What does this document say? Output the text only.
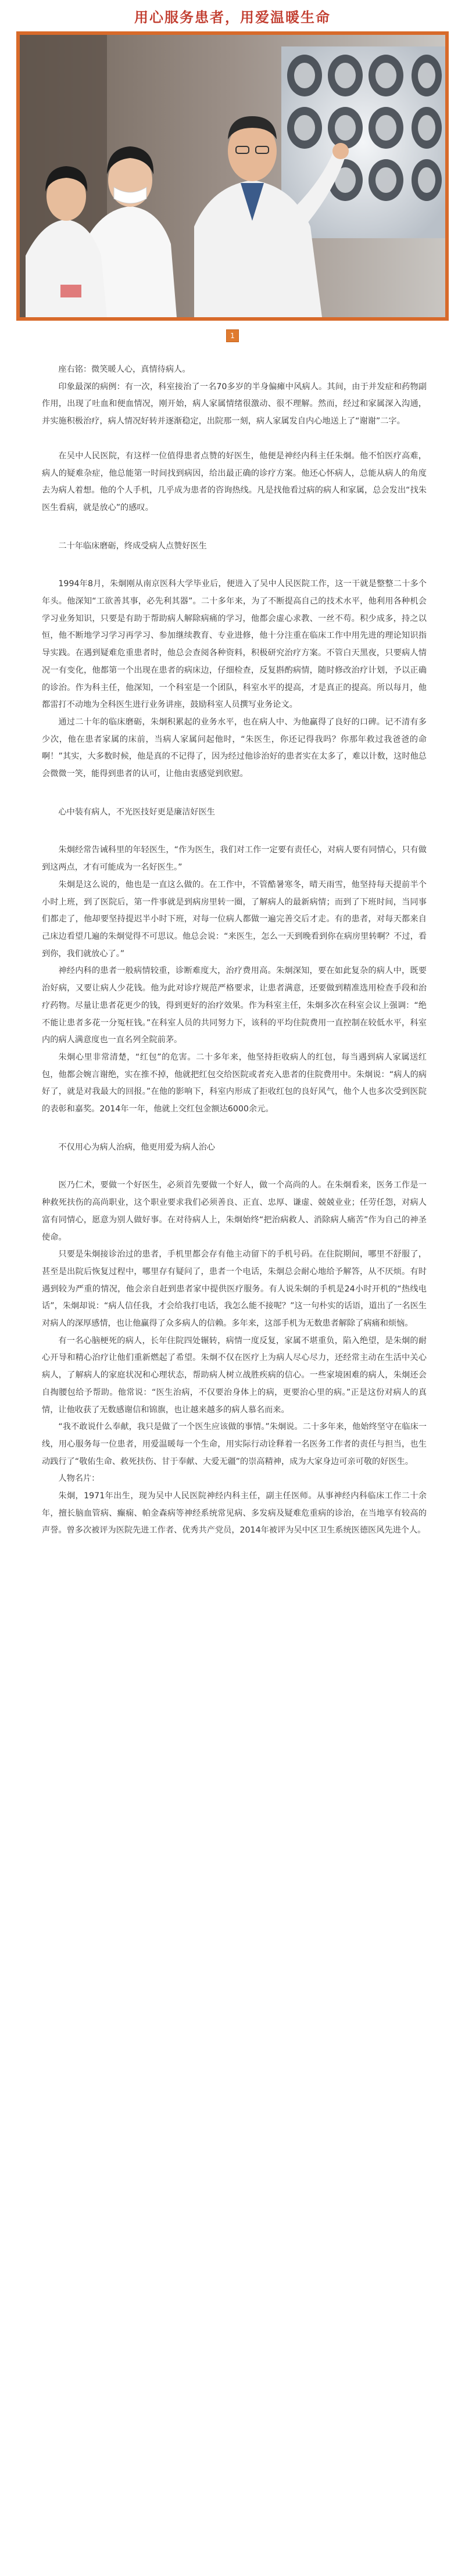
用心服务患者，用爱温暖生命
1

座右铭：微笑暖人心，真情待病人。

印象最深的病例：有一次，科室接治了一名70多岁的半身偏瘫中风病人。其间，由于并发症和药物副作用，出现了吐血和便血情况，刚开始，病人家属情绪很激动、很不理解。然而，经过和家属深入沟通，并实施积极治疗，病人情况好转并逐渐稳定，出院那一刻，病人家属发自内心地送上了“谢谢”二字。

在吴中人民医院，有这样一位值得患者点赞的好医生，他便是神经内科主任朱炯。他不怕医疗高难，病人的疑难杂症，他总能第一时间找到病因，给出最正确的诊疗方案。他还心怀病人，总能从病人的角度去为病人着想。他的个人手机，几乎成为患者的咨询热线。凡是找他看过病的病人和家属，总会发出“找朱医生看病，就是放心”的感叹。

二十年临床磨砺，终成受病人点赞好医生

1994年8月，朱炯刚从南京医科大学毕业后，便进入了吴中人民医院工作，这一干就是整整二十多个年头。他深知“工欲善其事，必先利其器”。二十多年来，为了不断提高自己的技术水平，他利用各种机会学习业务知识，只要是有助于帮助病人解除病痛的学习，他都会虚心求教、一丝不苟。积少成多，持之以恒，他不断地学习学习再学习、参加继续教育、专业进修，他十分注重在临床工作中用先进的理论知识指导实践。在遇到疑难危重患者时，他总会查阅各种资料，积极研究治疗方案。不管白天黑夜，只要病人情况一有变化，他都第一个出现在患者的病床边，仔细检查，反复斟酌病情，随时修改治疗计划，予以正确的诊治。作为科主任，他深知，一个科室是一个团队，科室水平的提高，才是真正的提高。所以每月，他都雷打不动地为全科医生进行业务讲座，鼓励科室人员撰写业务论文。

通过二十年的临床磨砺，朱炯积累起的业务水平，也在病人中、为他赢得了良好的口碑。记不清有多少次，他在患者家属的床前，当病人家属问起他时，“朱医生，你还记得我吗？你那年救过我爸爸的命啊！”其实，大多数时候，他是真的不记得了，因为经过他诊治好的患者实在太多了，难以计数，这时他总会微微一笑，能得到患者的认可，让他由衷感觉到欣慰。

心中装有病人，不光医技好更是廉洁好医生

朱炯经常告诫科里的年轻医生，“作为医生，我们对工作一定要有责任心，对病人要有同情心，只有做到这两点，才有可能成为一名好医生。”

朱炯是这么说的，他也是一直这么做的。在工作中，不管酷暑寒冬，晴天雨雪，他坚持每天提前半个小时上班，到了医院后，第一件事就是到病房里转一圈，了解病人的最新病情；而到了下班时间，当同事们都走了，他却要坚持提迟半小时下班，对每一位病人都做一遍完善交后才走。有的患者，对每天都来自己床边看望几遍的朱炯觉得不可思议。他总会说：“来医生，怎么一天到晚看到你在病房里转啊？不过，看到你，我们就放心了。”

神经内科的患者一般病情较重，诊断难度大，治疗费用高。朱炯深知，要在如此复杂的病人中，既要治好病，又要让病人少花钱。他为此对诊疗规范严格要求，让患者满意，还要做到精准选用检查手段和治疗药物。尽量让患者花更少的钱，得到更好的治疗效果。作为科室主任，朱炯多次在科室会议上强调：“绝不能让患者多花一分冤枉钱。”在科室人员的共同努力下，该科的平均住院费用一直控制在较低水平，科室内的病人满意度也一直名列全院前茅。

朱炯心里非常清楚，“红包”的危害。二十多年来，他坚持拒收病人的红包，每当遇到病人家属送红包，他都会婉言谢绝，实在推不掉，他就把红包交给医院或者充入患者的住院费用中。朱炯说：“病人的病好了，就是对我最大的回报。”在他的影响下，科室内形成了拒收红包的良好风气，他个人也多次受到医院的表彰和嘉奖。2014年一年，他就上交红包金额达6000余元。

不仅用心为病人治病，他更用爱为病人治心

医乃仁术，要做一个好医生，必须首先要做一个好人，做一个高尚的人。在朱炯看来，医务工作是一种救死扶伤的高尚职业，这个职业要求我们必须善良、正直、忠厚、谦虚、兢兢业业；任劳任怨，对病人富有同情心，愿意为别人做好事。在对待病人上，朱炯始终“把治病救人、消除病人痛苦”作为自己的神圣使命。

只要是朱炯接诊治过的患者，手机里都会存有他主动留下的手机号码。在住院期间，哪里不舒服了，甚至是出院后恢复过程中，哪里存有疑问了，患者一个电话，朱炯总会耐心地给予解答，从不厌烦。有时遇到较为严重的情况，他会亲自赶到患者家中提供医疗服务。有人说朱炯的手机是24小时开机的“热线电话”，朱炯却说：“病人信任我，才会给我打电话，我怎么能不接呢？”这一句朴实的话语，道出了一名医生对病人的深厚感情，也让他赢得了众多病人的信赖。多年来，这部手机为无数患者解除了病痛和烦恼。

有一名心脑梗死的病人，长年住院四处辗转，病情一度反复，家属不堪重负，陷入绝望，是朱炯的耐心开导和精心治疗让他们重新燃起了希望。朱炯不仅在医疗上为病人尽心尽力，还经常主动在生活中关心病人，了解病人的家庭状况和心理状态，帮助病人树立战胜疾病的信心。一些家境困难的病人，朱炯还会自掏腰包给予帮助。他常说：“医生治病，不仅要治身体上的病，更要治心里的病。”正是这份对病人的真情，让他收获了无数感谢信和锦旗，也让越来越多的病人慕名而来。

“我不敢说什么奉献，我只是做了一个医生应该做的事情。”朱炯说。二十多年来，他始终坚守在临床一线，用心服务每一位患者，用爱温暖每一个生命，用实际行动诠释着一名医务工作者的责任与担当，也生动践行了“敬佑生命、救死扶伤、甘于奉献、大爱无疆”的崇高精神，成为大家身边可亲可敬的好医生。

人物名片：

朱炯，1971年出生，现为吴中人民医院神经内科主任，副主任医师。从事神经内科临床工作二十余年，擅长脑血管病、癫痫、帕金森病等神经系统常见病、多发病及疑难危重病的诊治，在当地享有较高的声誉。曾多次被评为医院先进工作者、优秀共产党员，2014年被评为吴中区卫生系统医德医风先进个人。
